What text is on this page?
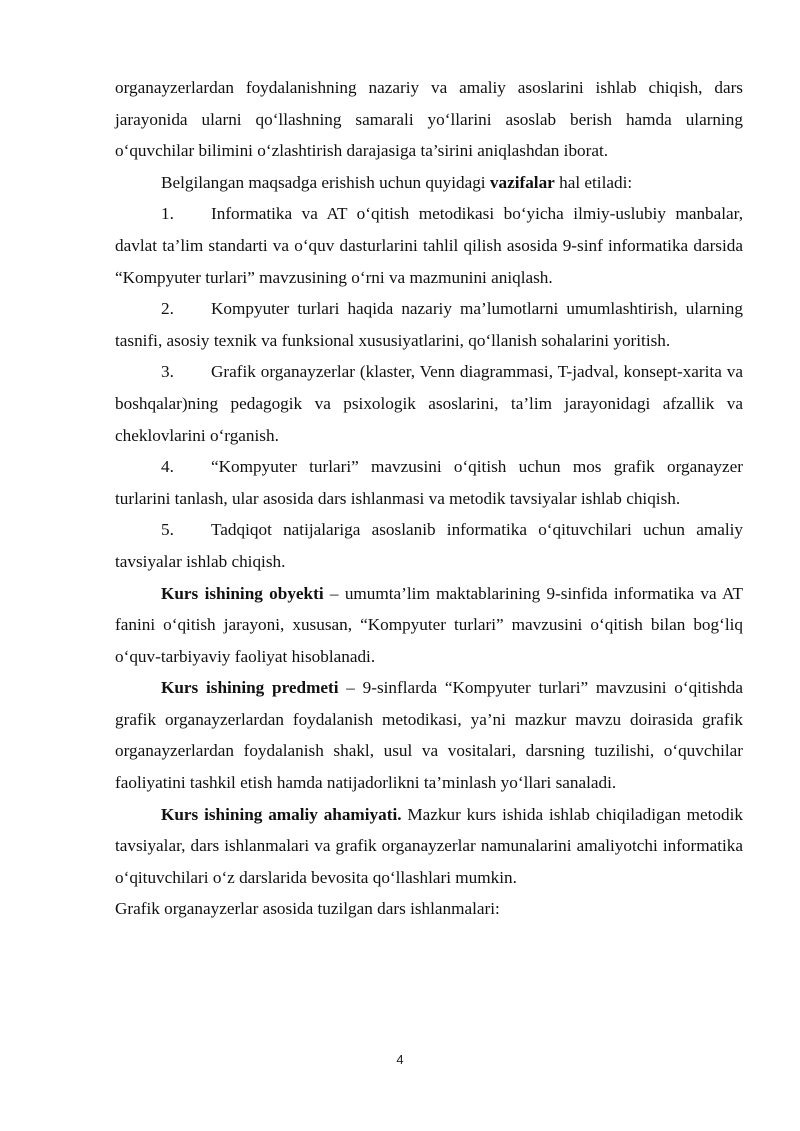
organayzerlardan foydalanishning nazariy va amaliy asoslarini ishlab chiqish, dars jarayonida ularni qo‘llashning samarali yo‘llarini asoslab berish hamda ularning o‘quvchilar bilimini o‘zlashtirish darajasiga ta’sirini aniqlashdan iborat.

Belgilangan maqsadga erishish uchun quyidagi vazifalar hal etiladi:

1. Informatika va AT o‘qitish metodikasi bo‘yicha ilmiy-uslubiy manbalar, davlat ta’lim standarti va o‘quv dasturlarini tahlil qilish asosida 9-sinf informatika darsida “Kompyuter turlari” mavzusining o‘rni va mazmunini aniqlash.

2. Kompyuter turlari haqida nazariy ma’lumotlarni umumlashtirish, ularning tasnifi, asosiy texnik va funksional xususiyatlarini, qo‘llanish sohalarini yoritish.

3. Grafik organayzerlar (klaster, Venn diagrammasi, T-jadval, konsept-xarita va boshqalar)ning pedagogik va psixologik asoslarini, ta’lim jarayonidagi afzallik va cheklovlarini o‘rganish.

4. “Kompyuter turlari” mavzusini o‘qitish uchun mos grafik organayzer turlarini tanlash, ular asosida dars ishlanmasi va metodik tavsiyalar ishlab chiqish.

5. Tadqiqot natijalariga asoslanib informatika o‘qituvchilari uchun amaliy tavsiyalar ishlab chiqish.

Kurs ishining obyekti – umumta’lim maktablarining 9-sinfida informatika va AT fanini o‘qitish jarayoni, xususan, “Kompyuter turlari” mavzusini o‘qitish bilan bog‘liq o‘quv-tarbiyaviy faoliyat hisoblanadi.

Kurs ishining predmeti – 9-sinflarda “Kompyuter turlari” mavzusini o‘qitishda grafik organayzerlardan foydalanish metodikasi, ya’ni mazkur mavzu doirasida grafik organayzerlardan foydalanish shakl, usul va vositalari, darsning tuzilishi, o‘quvchilar faoliyatini tashkil etish hamda natijadorlikni ta’minlash yo‘llari sanaladi.

Kurs ishining amaliy ahamiyati. Mazkur kurs ishida ishlab chiqiladigan metodik tavsiyalar, dars ishlanmalari va grafik organayzerlar namunalarini amaliyotchi informatika o‘qituvchilari o‘z darslarida bevosita qo‘llashlari mumkin.

Grafik organayzerlar asosida tuzilgan dars ishlanmalari:

4
